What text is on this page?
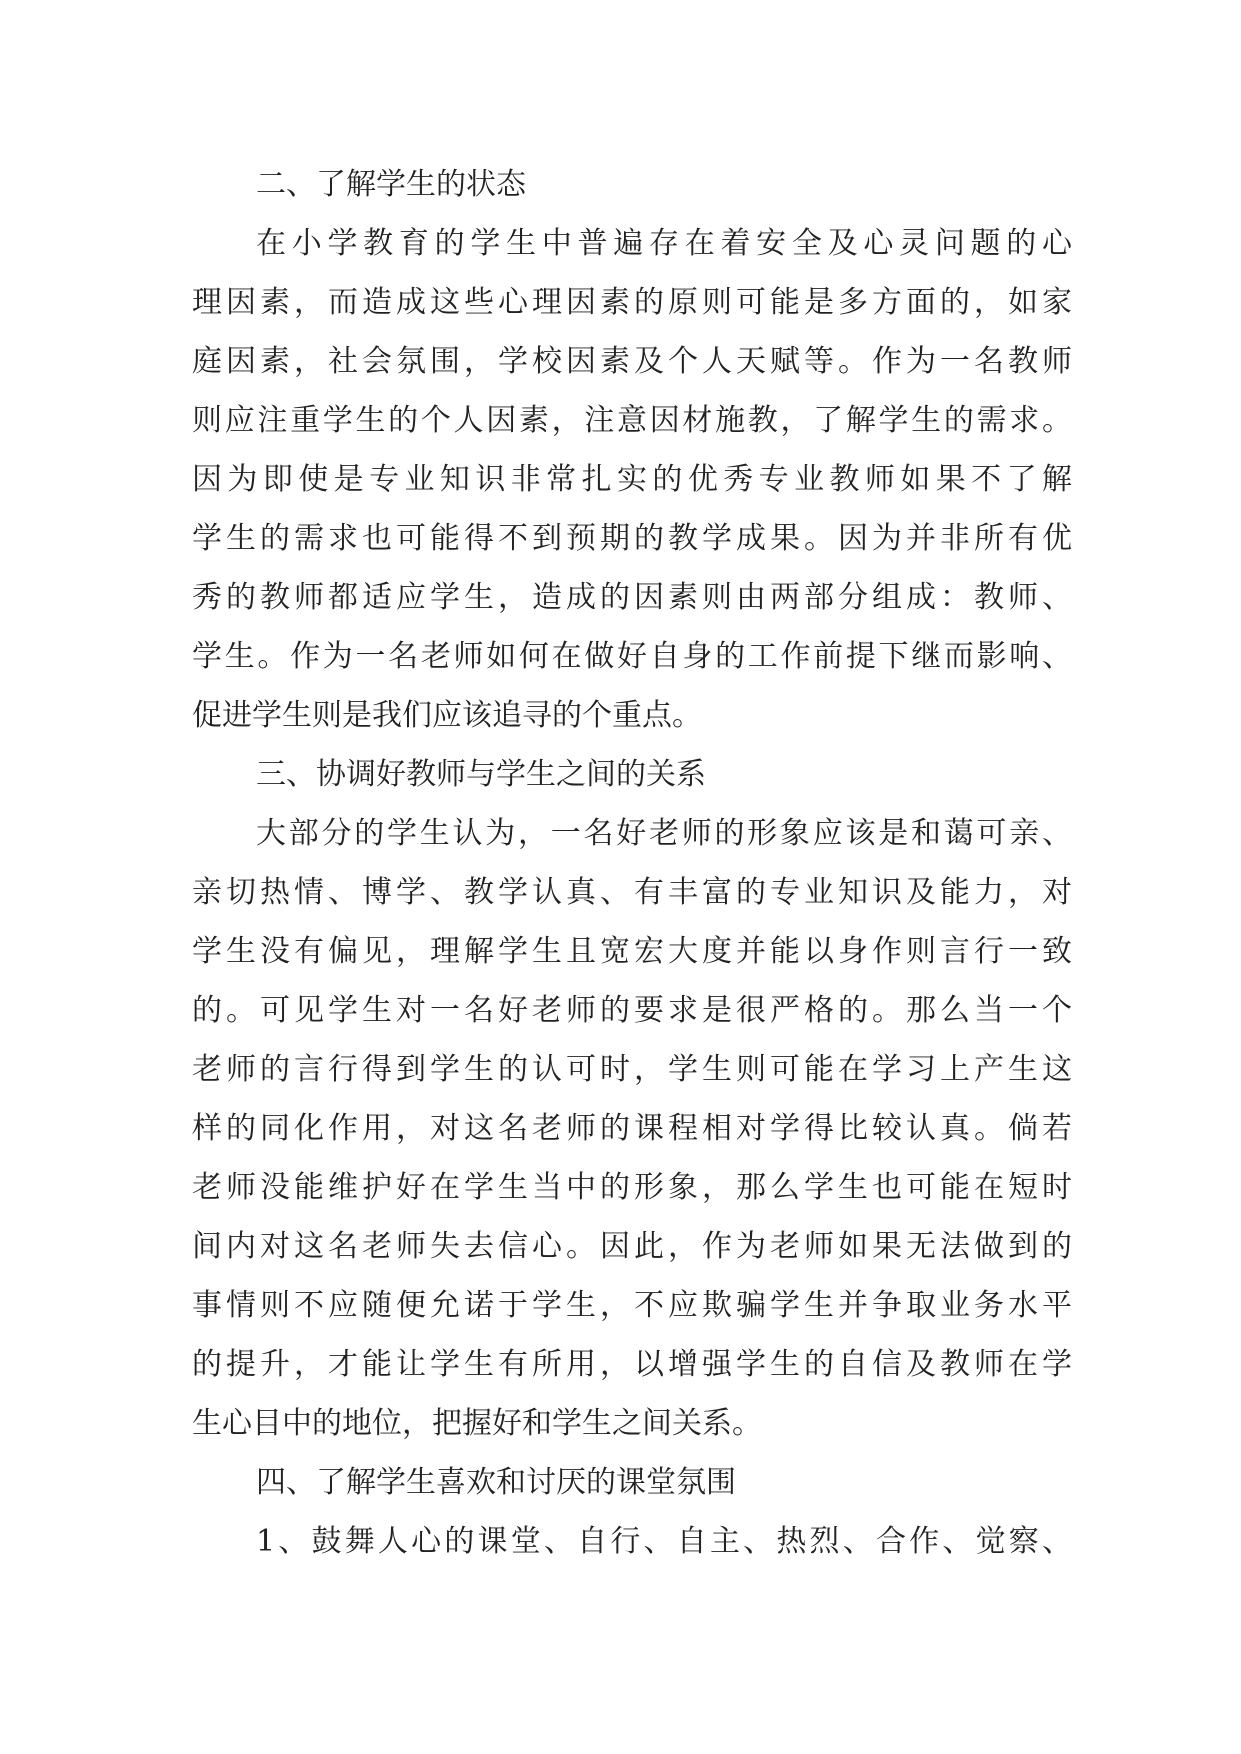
二、了解学生的状态
在小学教育的学生中普遍存在着安全及心灵问题的心
理因素，而造成这些心理因素的原则可能是多方面的，如家
庭因素，社会氛围，学校因素及个人天赋等。作为一名教师
则应注重学生的个人因素，注意因材施教，了解学生的需求。
因为即使是专业知识非常扎实的优秀专业教师如果不了解
学生的需求也可能得不到预期的教学成果。因为并非所有优
秀的教师都适应学生，造成的因素则由两部分组成：教师、
学生。作为一名老师如何在做好自身的工作前提下继而影响、
促进学生则是我们应该追寻的个重点。
三、协调好教师与学生之间的关系
大部分的学生认为，一名好老师的形象应该是和蔼可亲、
亲切热情、博学、教学认真、有丰富的专业知识及能力，对
学生没有偏见，理解学生且宽宏大度并能以身作则言行一致
的。可见学生对一名好老师的要求是很严格的。那么当一个
老师的言行得到学生的认可时，学生则可能在学习上产生这
样的同化作用，对这名老师的课程相对学得比较认真。倘若
老师没能维护好在学生当中的形象，那么学生也可能在短时
间内对这名老师失去信心。因此，作为老师如果无法做到的
事情则不应随便允诺于学生，不应欺骗学生并争取业务水平
的提升，才能让学生有所用，以增强学生的自信及教师在学
生心目中的地位，把握好和学生之间关系。
四、了解学生喜欢和讨厌的课堂氛围
1、鼓舞人心的课堂、自行、自主、热烈、合作、觉察、
